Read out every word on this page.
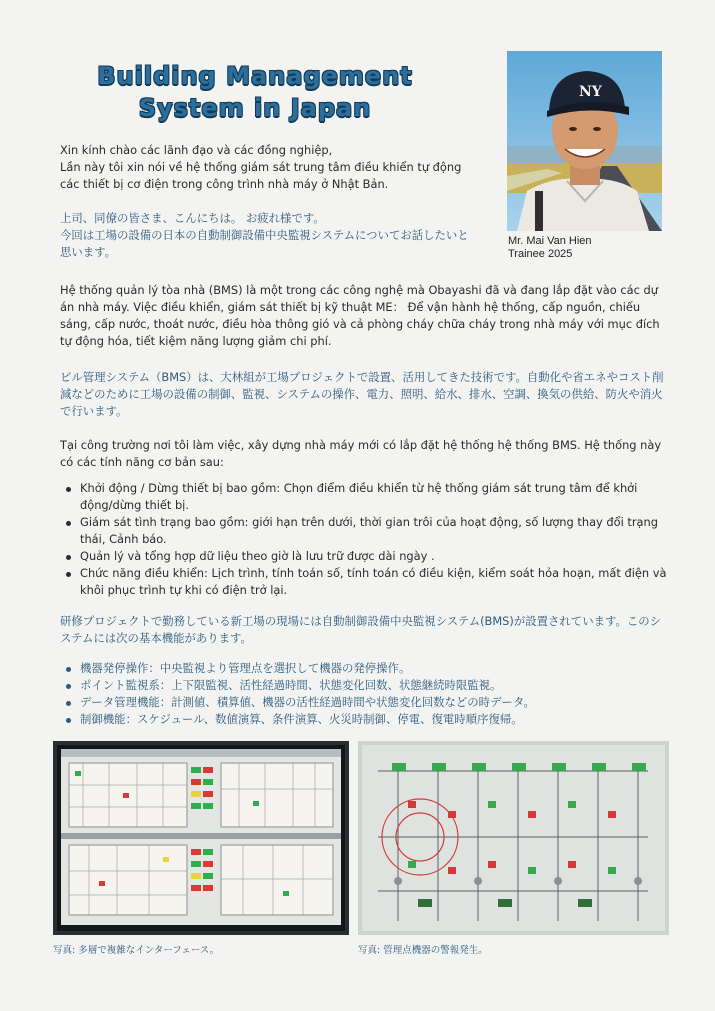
Building Management
System in Japan
NY
Mr. Mai Van Hien
Trainee 2025

Xin kính chào các lãnh đạo và các đồng nghiệp,
Lần này tôi xin nói về hệ thống giám sát trung tâm điều khiển tự động các thiết bị cơ điện trong công trình nhà máy ở Nhật Bản.

上司、同僚の皆さま、こんにちは。 お疲れ様です。
今回は工場の設備の日本の自動制御設備中央監視システムについてお話したいと思います。

Hệ thống quản lý tòa nhà (BMS) là một trong các công nghệ mà Obayashi đã và đang lắp đặt vào các dự án nhà máy. Việc điều khiển, giám sát thiết bị kỹ thuật ME： Để vận hành hệ thống, cấp nguồn, chiếu sáng, cấp nước, thoát nước, điều hòa thông gió và cả phòng cháy chữa cháy trong nhà máy với mục đích tự động hóa, tiết kiệm năng lượng giảm chi phí.

ビル管理システム（BMS）は、大林組が工場プロジェクトで設置、活用してきた技術です。自動化や省エネやコスト削減などのために工場の設備の制御、監視、システムの操作、電力、照明、給水、排水、空調、換気の供給、防火や消火で行います。

Tại công trường nơi tôi làm việc, xây dựng nhà máy mới có lắp đặt hệ thống hệ thống BMS. Hệ thống này có các tính năng cơ bản sau:

Khởi động / Dừng thiết bị bao gồm: Chọn điểm điều khiển từ hệ thống giám sát trung tâm để khởi động/dừng thiết bị.
Giám sát tình trạng bao gồm: giới hạn trên dưới, thời gian trôi của hoạt động, số lượng thay đổi trạng thái, Cảnh báo.
Quản lý và tổng hợp dữ liệu theo giờ là lưu trữ được dài ngày .
Chức năng điều khiển: Lịch trình, tính toán số, tính toán có điều kiện, kiểm soát hỏa hoạn, mất điện và khôi phục trình tự khi có điện trở lại.

研修プロジェクトで勤務している新工場の現場には自動制御設備中央監視システム(BMS)が設置されています。このシステムには次の基本機能があります。

機器発停操作：中央監視より管理点を選択して機器の発停操作。
ポイント監視系：上下限監視、活性経過時間、状態変化回数、状態継続時限監視。
データ管理機能：計測値、積算値、機器の活性経過時間や状態変化回数などの時データ。
制御機能：スケジュール、数値演算、条件演算、火災時制御、停電、復電時順序復帰。
写真: 多層で複雑なインターフェース。	写真: 管理点機器の警報発生。
